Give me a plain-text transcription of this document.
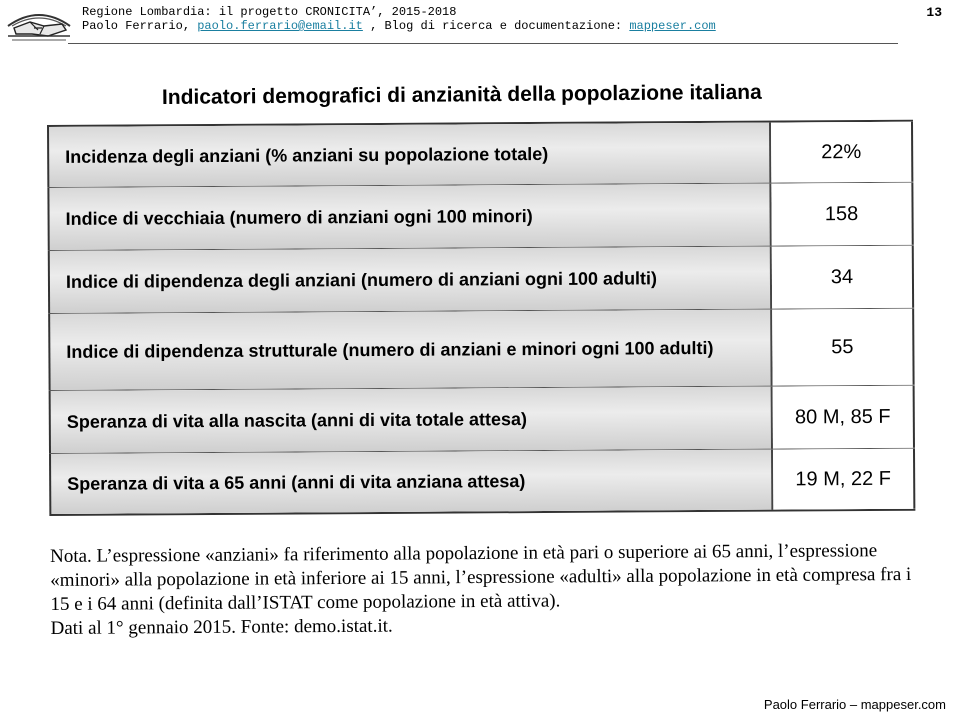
Regione Lombardia: il progetto CRONICITA’, 2015-2018
Paolo Ferrario, paolo.ferrario@email.it , Blog di ricerca e documentazione: mappeser.com
13
Indicatori demografici di anzianità della popolazione italiana
Incidenza degli anziani (% anziani su popolazione totale)	22%
Indice di vecchiaia (numero di anziani ogni 100 minori)	158
Indice di dipendenza degli anziani (numero di anziani ogni 100 adulti)	34
Indice di dipendenza strutturale (numero di anziani e minori ogni 100 adulti)	55
Speranza di vita alla nascita (anni di vita totale attesa)	80 M, 85 F
Speranza di vita a 65 anni (anni di vita anziana attesa)	19 M, 22 F
Nota. L’espressione «anziani» fa riferimento alla popolazione in età pari o superiore ai 65 anni, l’espressione «minori» alla popolazione in età inferiore ai 15 anni, l’espressione «adulti» alla popolazione in età compresa fra i 15 e i 64 anni (definita dall’ISTAT come popolazione in età attiva).
Dati al 1° gennaio 2015. Fonte: demo.istat.it.
Paolo Ferrario – mappeser.com
